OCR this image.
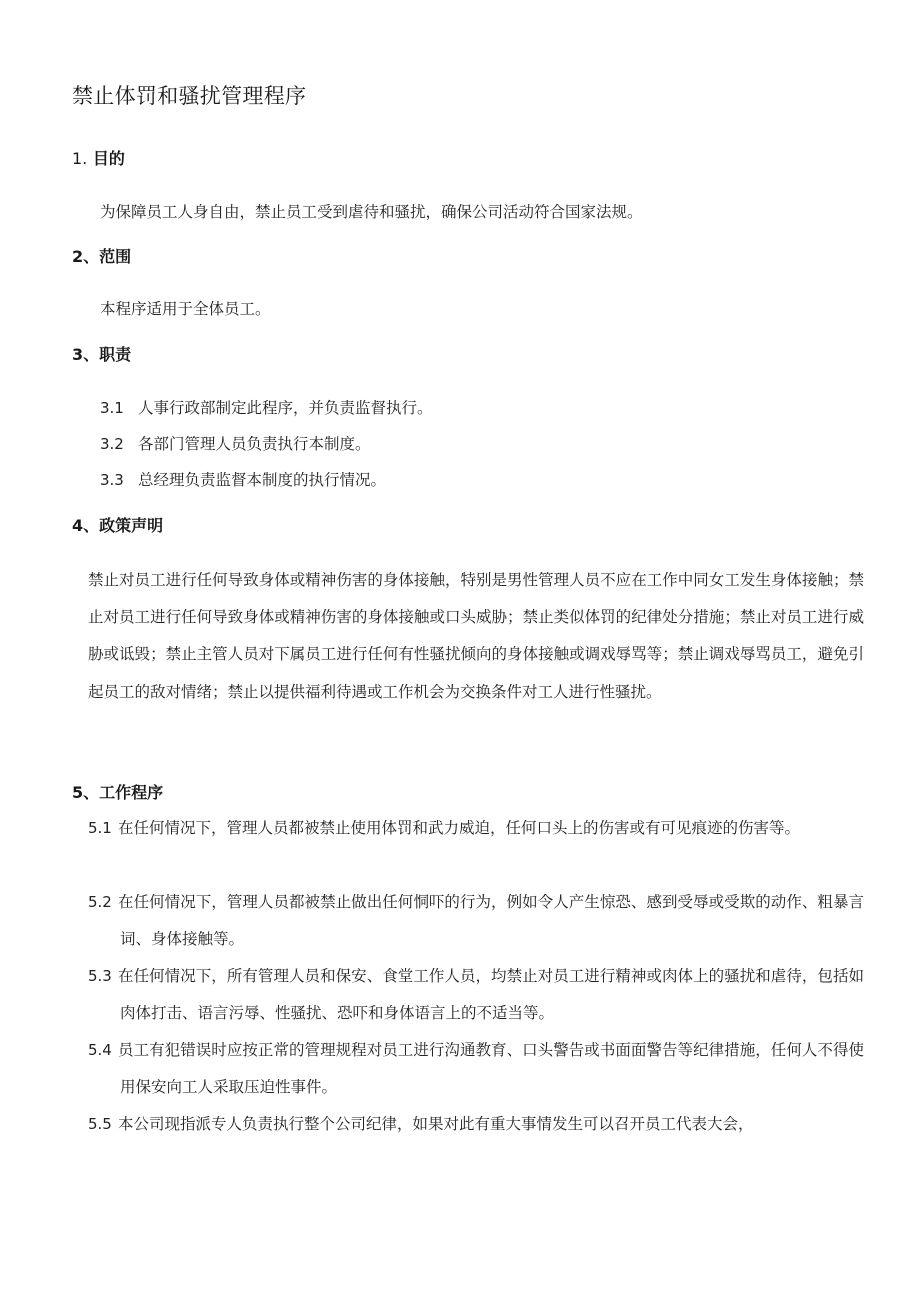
禁止体罚和骚扰管理程序
1. 目的
为保障员工人身自由，禁止员工受到虐待和骚扰，确保公司活动符合国家法规。
2、范围
本程序适用于全体员工。
3、职责
3.1 人事行政部制定此程序，并负责监督执行。
3.2 各部门管理人员负责执行本制度。
3.3 总经理负责监督本制度的执行情况。
4、政策声明
禁止对员工进行任何导致身体或精神伤害的身体接触，特别是男性管理人员不应在工作中同女工发生身体接触；禁止对员工进行任何导致身体或精神伤害的身体接触或口头威胁；禁止类似体罚的纪律处分措施；禁止对员工进行威胁或诋毁；禁止主管人员对下属员工进行任何有性骚扰倾向的身体接触或调戏辱骂等；禁止调戏辱骂员工，避免引起员工的敌对情绪；禁止以提供福利待遇或工作机会为交换条件对工人进行性骚扰。
5、工作程序
5.1 在任何情况下，管理人员都被禁止使用体罚和武力威迫，任何口头上的伤害或有可见痕迹的伤害等。
5.2 在任何情况下，管理人员都被禁止做出任何恫吓的行为，例如令人产生惊恐、感到受辱或受欺的动作、粗暴言词、身体接触等。
5.3 在任何情况下，所有管理人员和保安、食堂工作人员，均禁止对员工进行精神或肉体上的骚扰和虐待，包括如肉体打击、语言污辱、性骚扰、恐吓和身体语言上的不适当等。
5.4 员工有犯错误时应按正常的管理规程对员工进行沟通教育、口头警告或书面面警告等纪律措施，任何人不得使用保安向工人采取压迫性事件。
5.5 本公司现指派专人负责执行整个公司纪律，如果对此有重大事情发生可以召开员工代表大会，
